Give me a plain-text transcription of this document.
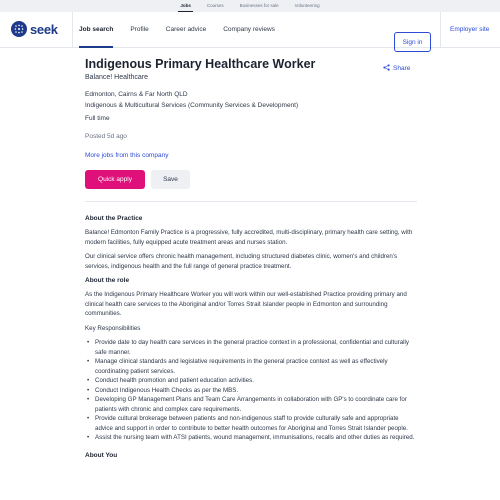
Jobs	Courses	Businesses for sale	Volunteering
seek	Job search	Profile	Career advice	Company reviews
Sign in
Employer site
Indigenous Primary Healthcare Worker	Share
Balance! Healthcare
Edmonton, Cairns & Far North QLD
Indigenous & Multicultural Services (Community Services & Development)
Full time
Posted 5d ago
More jobs from this company
Quick apply	Save
About the Practice

Balance! Edmonton Family Practice is a progressive, fully accredited, multi-disciplinary, primary health care setting, with modern facilities, fully equipped acute treatment areas and nurses station.

Our clinical service offers chronic health management, including structured diabetes clinic, women's and children's services, indigenous health and the full range of general practice treatment.

About the role

As the Indigenous Primary Healthcare Worker you will work within our well-established Practice providing primary and clinical health care services to the Aboriginal and/or Torres Strait Islander people in Edmonton and surrounding communities.

Key Responsibilities

• Provide date to day health care services in the general practice context in a professional, confidential and culturally safe manner.
• Manage clinical standards and legislative requirements in the general practice context as well as effectively coordinating patient services.
• Conduct health promotion and patient education activities.
• Conduct Indigenous Health Checks as per the MBS.
• Developing GP Management Plans and Team Care Arrangements in collaboration with GP's to coordinate care for patients with chronic and complex care requirements.
• Provide cultural brokerage between patients and non-indigenous staff to provide culturally safe and appropriate advice and support in order to contribute to better health outcomes for Aboriginal and Torres Strait Islander people.
• Assist the nursing team with ATSI patients, wound management, immunisations, recalls and other duties as required.
About You
